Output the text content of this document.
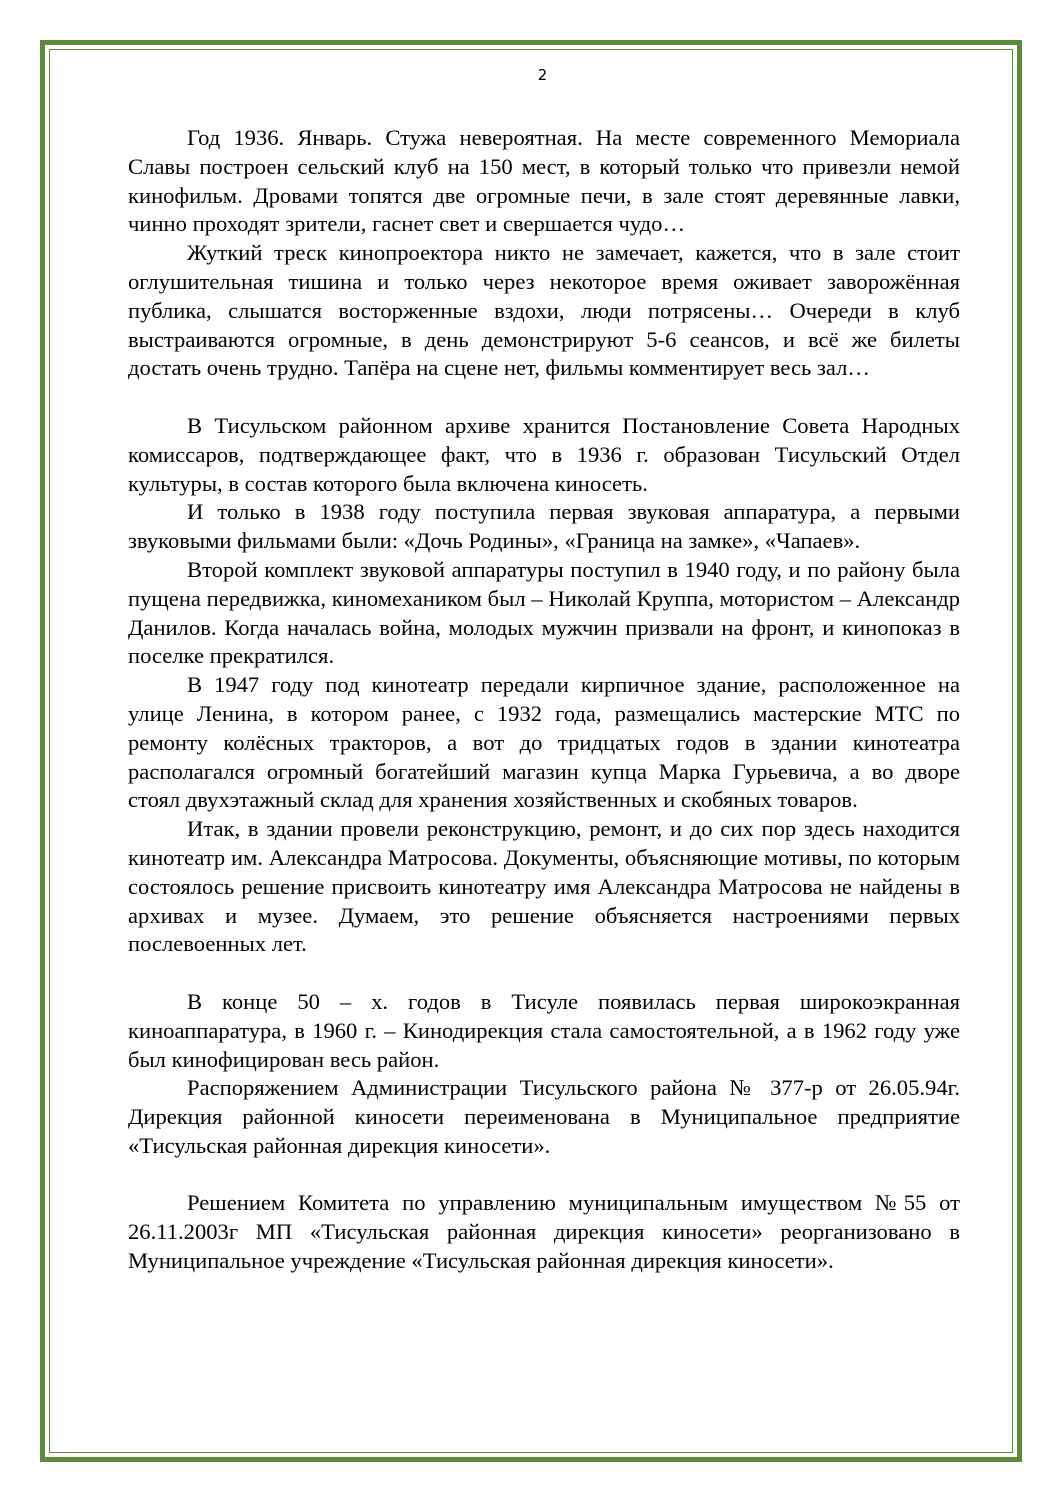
2

Год 1936. Январь. Стужа невероятная. На месте современного Мемориала Славы построен сельский клуб на 150 мест, в который только что привезли немой кинофильм. Дровами топятся две огромные печи, в зале стоят деревянные лавки, чинно проходят зрители, гаснет свет и свершается чудо…

Жуткий треск кинопроектора никто не замечает, кажется, что в зале стоит оглушительная тишина и только через некоторое время оживает заворожённая публика, слышатся восторженные вздохи, люди потрясены… Очереди в клуб выстраиваются огромные, в день демонстрируют 5-6 сеансов, и всё же билеты достать очень трудно. Тапёра на сцене нет, фильмы комментирует весь зал…

В Тисульском районном архиве хранится Постановление Совета Народных комиссаров, подтверждающее факт, что в 1936 г. образован Тисульский Отдел культуры, в состав которого была включена киносеть.

И только в 1938 году поступила первая звуковая аппаратура, а первыми звуковыми фильмами были: «Дочь Родины», «Граница на замке», «Чапаев».

Второй комплект звуковой аппаратуры поступил в 1940 году, и по району была пущена передвижка, киномехаником был – Николай Круппа, мотористом – Александр Данилов. Когда началась война, молодых мужчин призвали на фронт, и кинопоказ в поселке прекратился.

В 1947 году под кинотеатр передали кирпичное здание, расположенное на улице Ленина, в котором ранее, с 1932 года, размещались мастерские МТС по ремонту колёсных тракторов, а вот до тридцатых годов в здании кинотеатра располагался огромный богатейший магазин купца Марка Гурьевича, а во дворе стоял двухэтажный склад для хранения хозяйственных и скобяных товаров.

Итак, в здании провели реконструкцию, ремонт, и до сих пор здесь находится кинотеатр им. Александра Матросова. Документы, объясняющие мотивы, по которым состоялось решение присвоить кинотеатру имя Александра Матросова не найдены в архивах и музее. Думаем, это решение объясняется настроениями первых послевоенных лет.

В конце 50 – х. годов в Тисуле появилась первая широкоэкранная киноаппаратура, в 1960 г. – Кинодирекция стала самостоятельной, а в 1962 году уже был кинофицирован весь район.

Распоряжением Администрации Тисульского района № 377-р от 26.05.94г. Дирекция районной киносети переименована в Муниципальное предприятие «Тисульская районная дирекция киносети».

Решением Комитета по управлению муниципальным имуществом №55 от 26.11.2003г МП «Тисульская районная дирекция киносети» реорганизовано в Муниципальное учреждение «Тисульская районная дирекция киносети».
